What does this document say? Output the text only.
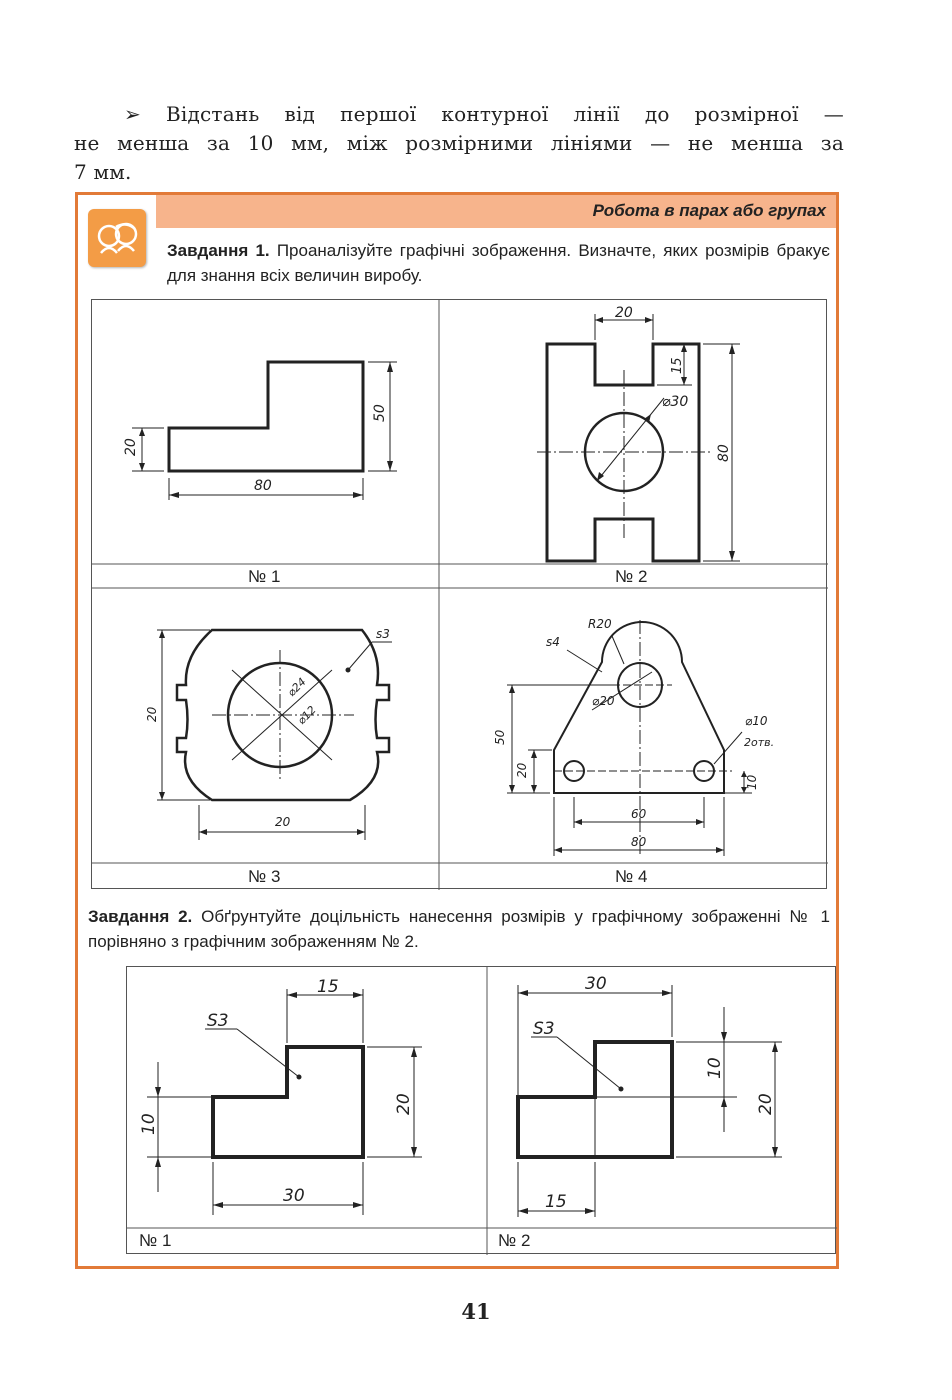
➢ Відстань від першої контурної лінії до розмірної —
не менша за 10 мм, між розмірними лініями — не менша за
7 мм.
Робота в парах або групах
Завдання 1. Проаналізуйте графічні зображення. Визначте, яких розмірів бракує для знання всіх величин виробу.
80
50
20
20
15
⌀30
80
s3
⌀24
⌀12
20
20
R20
s4
⌀20
⌀10
2отв.
50
20
10
60
80
№ 1	№ 2
№ 3	№ 4
Завдання 2. Обґрунтуйте доцільність нанесення розмірів у графічному зображенні № 1 порівняно з графічним зображенням № 2.
15
S3
10
20
30
30
S3
10
20
15
№ 1	№ 2
41
